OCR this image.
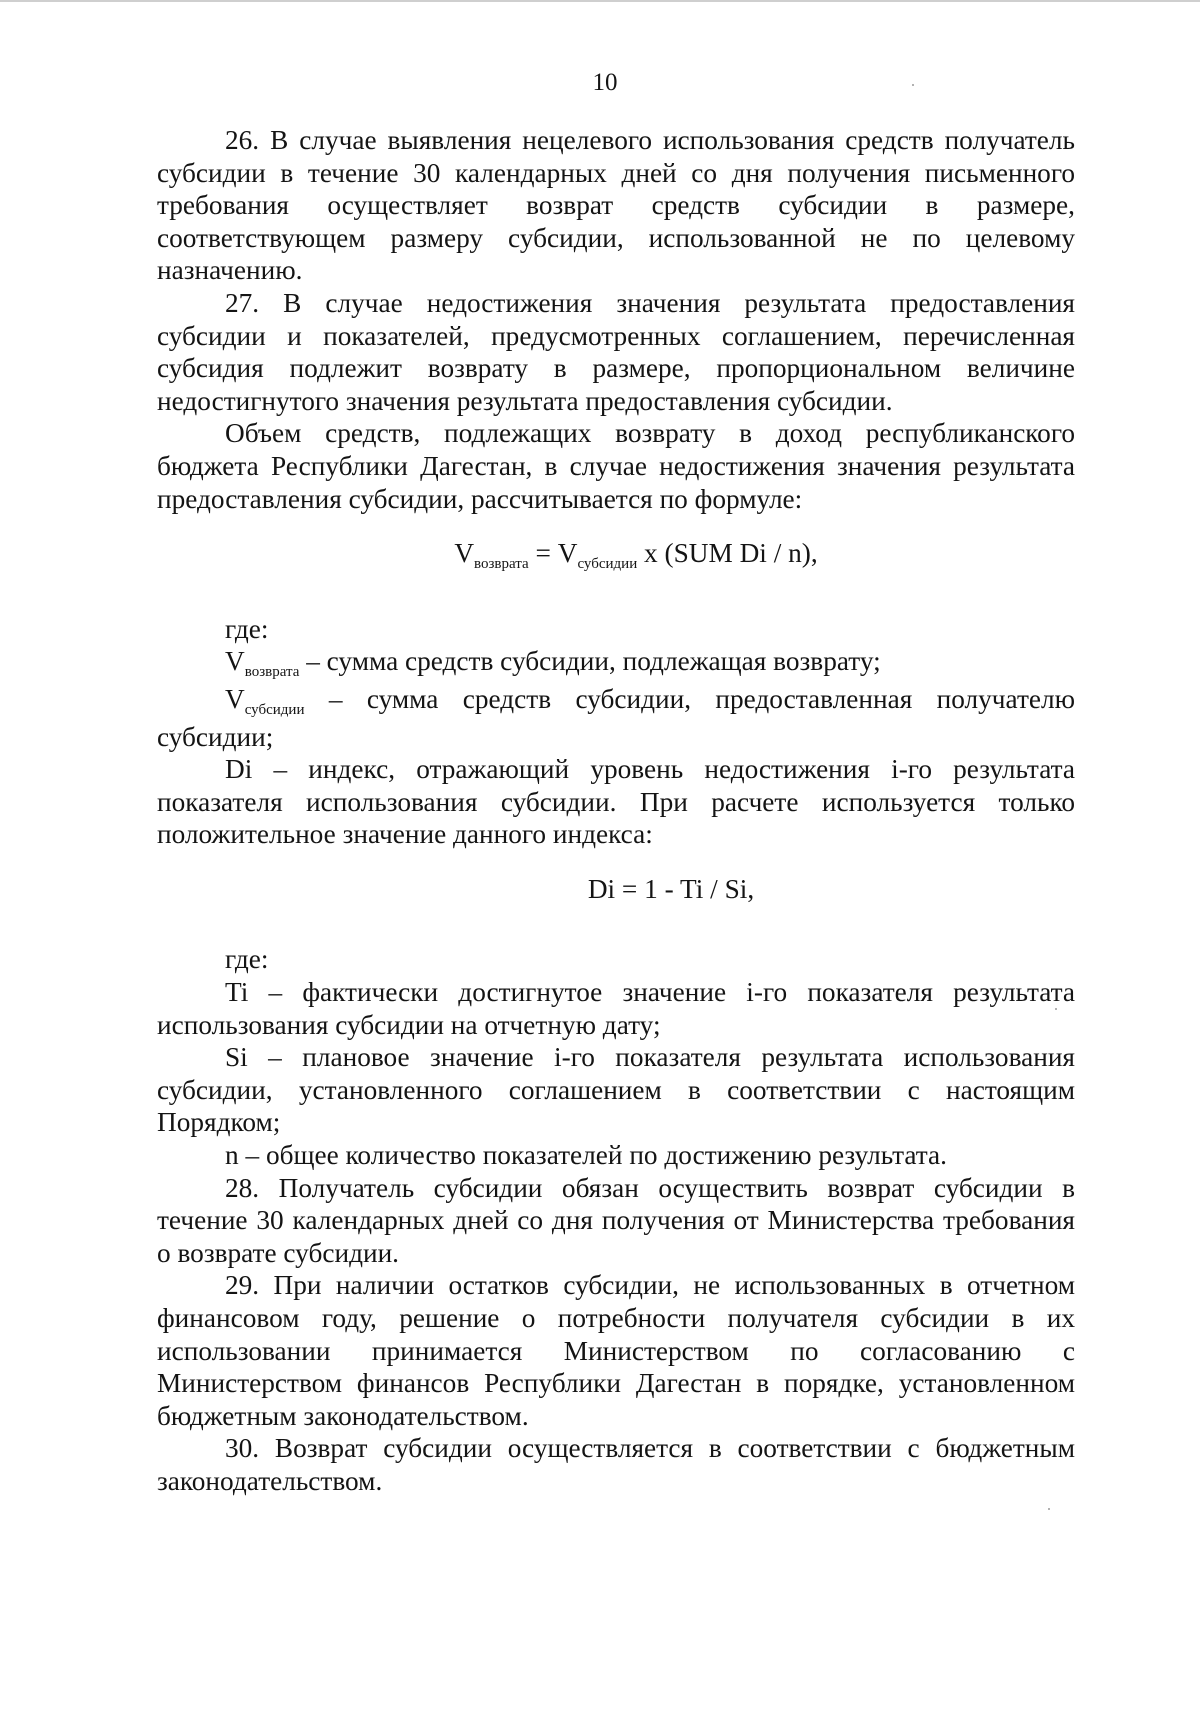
10

26. В случае выявления нецелевого использования средств получатель субсидии в течение 30 календарных дней со дня получения письменного требования осуществляет возврат средств субсидии в размере, соответствующем размеру субсидии, использованной не по целевому назначению.

27. В случае недостижения значения результата предоставления субсидии и показателей, предусмотренных соглашением, перечисленная субсидия подлежит возврату в размере, пропорциональном величине недостигнутого значения результата предоставления субсидии.

Объем средств, подлежащих возврату в доход республиканского бюджета Республики Дагестан, в случае недостижения значения результата предоставления субсидии, рассчитывается по формуле:

$V_{возврата} = V_{субсидии}$ x (SUM Di / n),

где:

$V_{возврата}$ – сумма средств субсидии, подлежащая возврату;

$V_{субсидии}$ – сумма средств субсидии, предоставленная получателю субсидии;

Di – индекс, отражающий уровень недостижения i-го результата показателя использования субсидии. При расчете используется только положительное значение данного индекса:

Di = 1 - Ti / Si,

где:

Ti – фактически достигнутое значение i-го показателя результата использования субсидии на отчетную дату;

Si – плановое значение i-го показателя результата использования субсидии, установленного соглашением в соответствии с настоящим Порядком;

n – общее количество показателей по достижению результата.

28. Получатель субсидии обязан осуществить возврат субсидии в течение 30 календарных дней со дня получения от Министерства требования о возврате субсидии.

29. При наличии остатков субсидии, не использованных в отчетном финансовом году, решение о потребности получателя субсидии в их использовании принимается Министерством по согласованию с Министерством финансов Республики Дагестан в порядке, установленном бюджетным законодательством.

30. Возврат субсидии осуществляется в соответствии с бюджетным законодательством.
